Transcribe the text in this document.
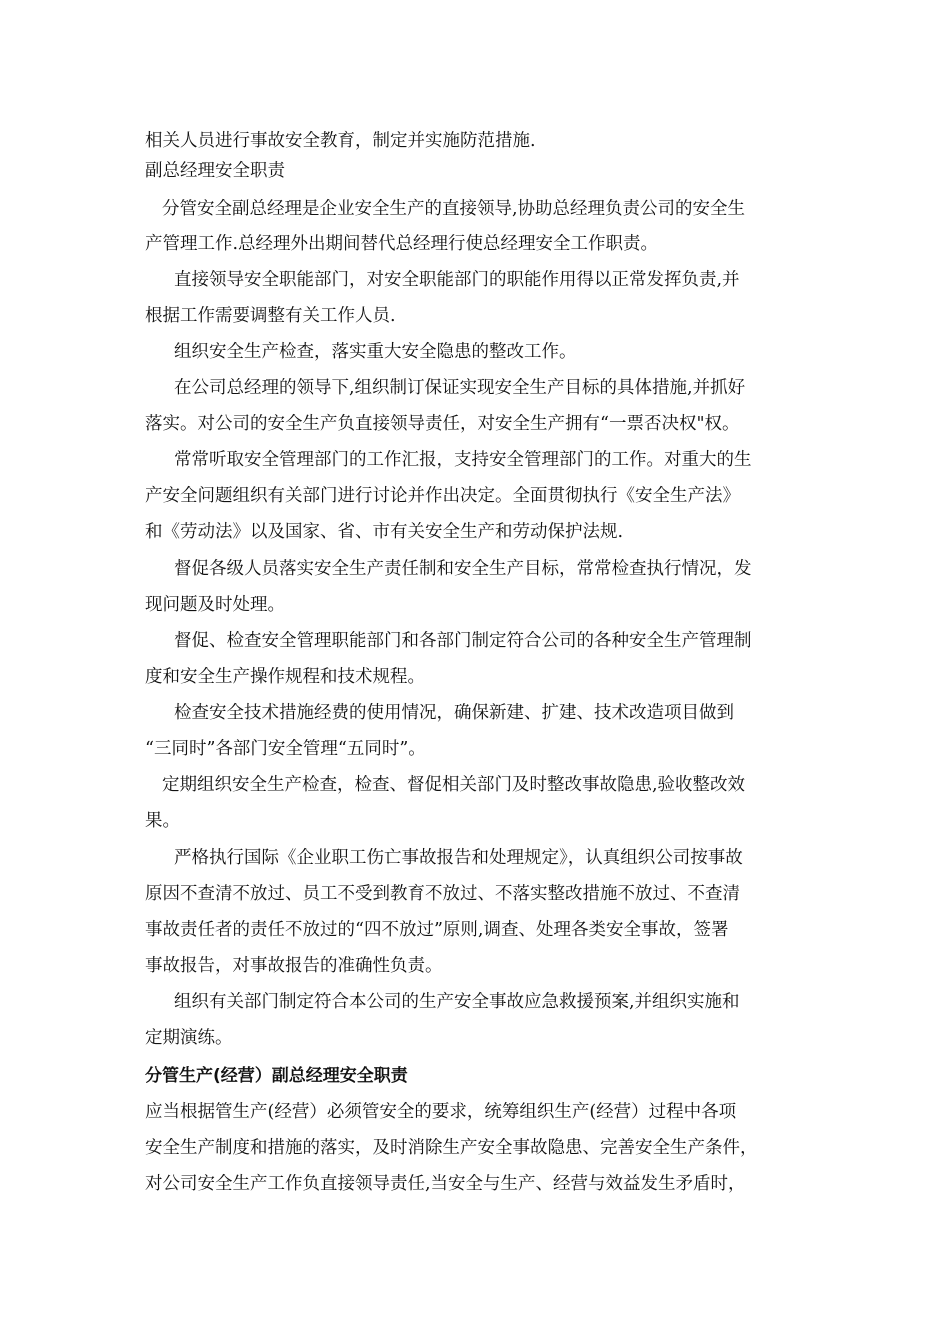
相关人员进行事故安全教育，制定并实施防范措施.
副总经理安全职责
分管安全副总经理是企业安全生产的直接领导,协助总经理负责公司的安全生
产管理工作.总经理外出期间替代总经理行使总经理安全工作职责。
直接领导安全职能部门，对安全职能部门的职能作用得以正常发挥负责,并
根据工作需要调整有关工作人员.
组织安全生产检查，落实重大安全隐患的整改工作。
在公司总经理的领导下,组织制订保证实现安全生产目标的具体措施,并抓好
落实。对公司的安全生产负直接领导责任，对安全生产拥有“一票否决权"权。
常常听取安全管理部门的工作汇报，支持安全管理部门的工作。对重大的生
产安全问题组织有关部门进行讨论并作出决定。全面贯彻执行《安全生产法》
和《劳动法》以及国家、省、市有关安全生产和劳动保护法规.
督促各级人员落实安全生产责任制和安全生产目标，常常检查执行情况，发
现问题及时处理。
督促、检查安全管理职能部门和各部门制定符合公司的各种安全生产管理制
度和安全生产操作规程和技术规程。
检查安全技术措施经费的使用情况，确保新建、扩建、技术改造项目做到
“三同时”各部门安全管理“五同时”。
定期组织安全生产检查，检查、督促相关部门及时整改事故隐患,验收整改效
果。
严格执行国际《企业职工伤亡事故报告和处理规定》，认真组织公司按事故
原因不查清不放过、员工不受到教育不放过、不落实整改措施不放过、不查清
事故责任者的责任不放过的“四不放过”原则,调查、处理各类安全事故，签署
事故报告，对事故报告的准确性负责。
组织有关部门制定符合本公司的生产安全事故应急救援预案,并组织实施和
定期演练。
分管生产(经营）副总经理安全职责
应当根据管生产(经营）必须管安全的要求，统筹组织生产(经营）过程中各项
安全生产制度和措施的落实，及时消除生产安全事故隐患、完善安全生产条件，
对公司安全生产工作负直接领导责任,当安全与生产、经营与效益发生矛盾时，
